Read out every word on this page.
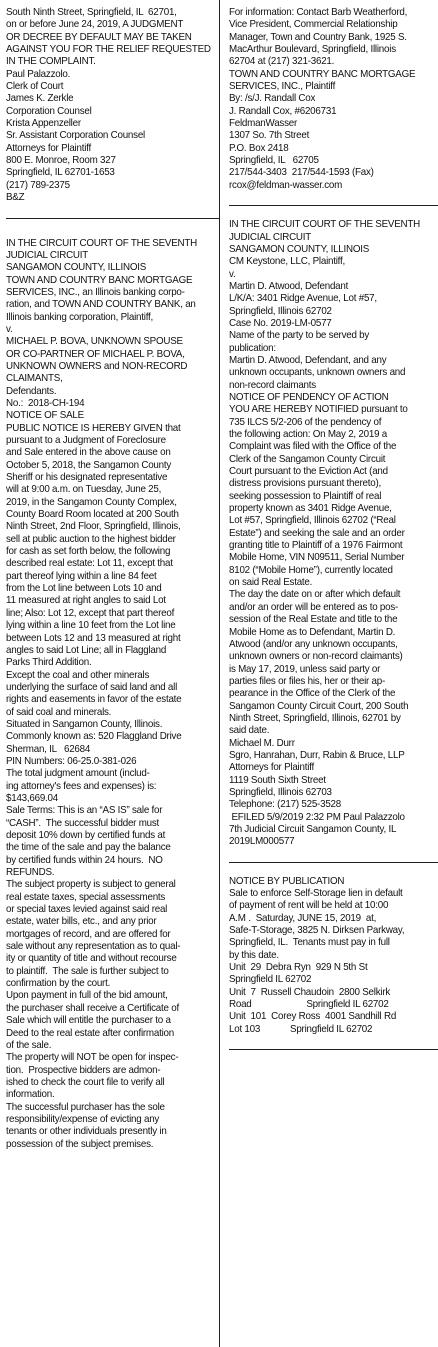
South Ninth Street, Springfield, IL  62701,
on or before June 24, 2019, A JUDGMENT
OR DECREE BY DEFAULT MAY BE TAKEN
AGAINST YOU FOR THE RELIEF REQUESTED
IN THE COMPLAINT.
Paul Palazzolo.
Clerk of Court
James K. Zerkle
Corporation Counsel
Krista Appenzeller
Sr. Assistant Corporation Counsel
Attorneys for Plaintiff
800 E. Monroe, Room 327
Springfield, IL 62701-1653
(217) 789-2375
B&Z
IN THE CIRCUIT COURT OF THE SEVENTH
JUDICIAL CIRCUIT
SANGAMON COUNTY, ILLINOIS
TOWN AND COUNTRY BANC MORTGAGE
SERVICES, INC., an Illinois banking corpo-
ration, and TOWN AND COUNTRY BANK, an
Illinois banking corporation, Plaintiff,
v.
MICHAEL P. BOVA, UNKNOWN SPOUSE
OR CO-PARTNER OF MICHAEL P. BOVA,
UNKNOWN OWNERS and NON-RECORD
CLAIMANTS,
Defendants.
No.:  2018-CH-194
NOTICE OF SALE
PUBLIC NOTICE IS HEREBY GIVEN that
pursuant to a Judgment of Foreclosure
and Sale entered in the above cause on
October 5, 2018, the Sangamon County
Sheriff or his designated representative
will at 9:00 a.m. on Tuesday, June 25,
2019, in the Sangamon County Complex,
County Board Room located at 200 South
Ninth Street, 2nd Floor, Springfield, Illinois,
sell at public auction to the highest bidder
for cash as set forth below, the following
described real estate: Lot 11, except that
part thereof lying within a line 84 feet
from the Lot line between Lots 10 and
11 measured at right angles to said Lot
line; Also: Lot 12, except that part thereof
lying within a line 10 feet from the Lot line
between Lots 12 and 13 measured at right
angles to said Lot Line; all in Flaggland
Parks Third Addition.
Except the coal and other minerals
underlying the surface of said land and all
rights and easements in favor of the estate
of said coal and minerals.
Situated in Sangamon County, Illinois.
Commonly known as: 520 Flaggland Drive
Sherman, IL   62684
PIN Numbers: 06-25.0-381-026
The total judgment amount (includ-
ing attorney's fees and expenses) is:
$143,669.04
Sale Terms: This is an “AS IS” sale for
“CASH”.  The successful bidder must
deposit 10% down by certified funds at
the time of the sale and pay the balance
by certified funds within 24 hours.  NO
REFUNDS.
The subject property is subject to general
real estate taxes, special assessments
or special taxes levied against said real
estate, water bills, etc., and any prior
mortgages of record, and are offered for
sale without any representation as to qual-
ity or quantity of title and without recourse
to plaintiff.  The sale is further subject to
confirmation by the court.
Upon payment in full of the bid amount,
the purchaser shall receive a Certificate of
Sale which will entitle the purchaser to a
Deed to the real estate after confirmation
of the sale.
The property will NOT be open for inspec-
tion.  Prospective bidders are admon-
ished to check the court file to verify all
information.
The successful purchaser has the sole
responsibility/expense of evicting any
tenants or other individuals presently in
possession of the subject premises.
For information: Contact Barb Weatherford,
Vice President, Commercial Relationship
Manager, Town and Country Bank, 1925 S.
MacArthur Boulevard, Springfield, Illinois
62704 at (217) 321-3621.
TOWN AND COUNTRY BANC MORTGAGE
SERVICES, INC., Plaintiff
By: /s/J. Randall Cox
J. Randall Cox, #6206731
FeldmanWasser
1307 So. 7th Street
P.O. Box 2418
Springfield, IL   62705
217/544-3403  217/544-1593 (Fax)
rcox@feldman-wasser.com
IN THE CIRCUIT COURT OF THE SEVENTH
JUDICIAL CIRCUIT
SANGAMON COUNTY, ILLINOIS
CM Keystone, LLC, Plaintiff,
v.
Martin D. Atwood, Defendant
L/K/A: 3401 Ridge Avenue, Lot #57,
Springfield, Illinois 62702
Case No. 2019-LM-0577
Name of the party to be served by
publication:
Martin D. Atwood, Defendant, and any
unknown occupants, unknown owners and
non-record claimants
NOTICE OF PENDENCY OF ACTION
YOU ARE HEREBY NOTIFIED pursuant to
735 ILCS 5/2-206 of the pendency of
the following action: On May 2, 2019 a
Complaint was filed with the Office of the
Clerk of the Sangamon County Circuit
Court pursuant to the Eviction Act (and
distress provisions pursuant thereto),
seeking possession to Plaintiff of real
property known as 3401 Ridge Avenue,
Lot #57, Springfield, Illinois 62702 (“Real
Estate”) and seeking the sale and an order
granting title to Plaintiff of a 1976 Fairmont
Mobile Home, VIN N09511, Serial Number
8102 (“Mobile Home”), currently located
on said Real Estate.
The day the date on or after which default
and/or an order will be entered as to pos-
session of the Real Estate and title to the
Mobile Home as to Defendant, Martin D.
Atwood (and/or any unknown occupants,
unknown owners or non-record claimants)
is May 17, 2019, unless said party or
parties files or files his, her or their ap-
pearance in the Office of the Clerk of the
Sangamon County Circuit Court, 200 South
Ninth Street, Springfield, Illinois, 62701 by
said date.
Michael M. Durr
Sgro, Hanrahan, Durr, Rabin & Bruce, LLP
Attorneys for Plaintiff
1119 South Sixth Street
Springfield, Illinois 62703
Telephone: (217) 525-3528
EFILED 5/9/2019 2:32 PM Paul Palazzolo
7th Judicial Circuit Sangamon County, IL
2019LM000577
NOTICE BY PUBLICATION
Sale to enforce Self-Storage lien in default
of payment of rent will be held at 10:00
A.M .  Saturday, JUNE 15, 2019  at,
Safe-T-Storage, 3825 N. Dirksen Parkway,
Springfield, IL.  Tenants must pay in full
by this date.
Unit  29  Debra Ryn  929 N 5th St
Springfield IL 62702
Unit  7  Russell Chaudoin  2800 Selkirk
Road                      Springfield IL 62702
Unit  101  Corey Ross  4001 Sandhill Rd
Lot 103            Springfield IL 62702
